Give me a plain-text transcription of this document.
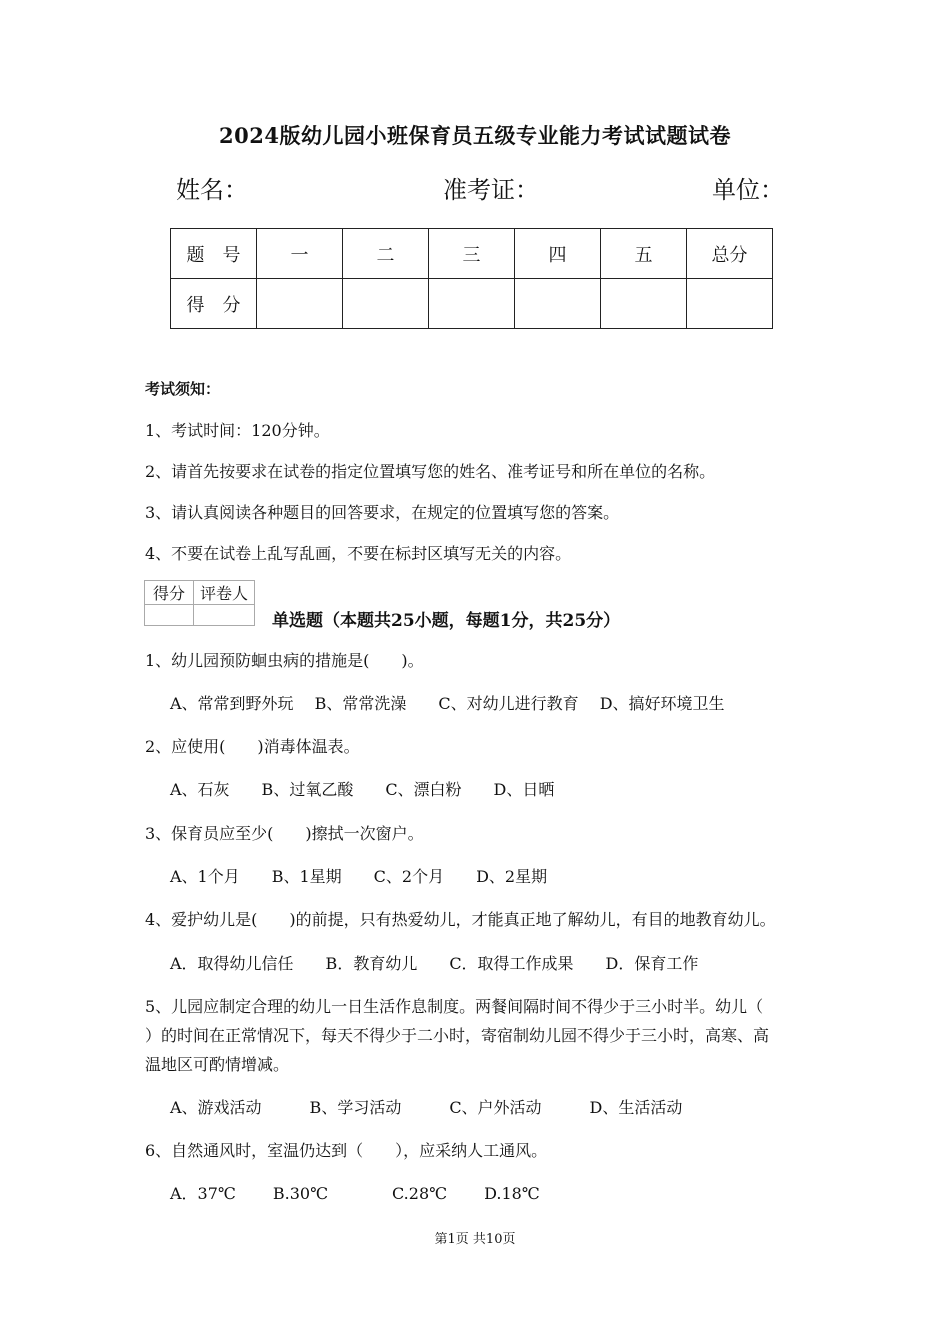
2024版幼儿园小班保育员五级专业能力考试试题试卷
姓名：	准考证：	单位：
题　号	一	二	三	四	五	总分
得　分						
考试须知：
1、考试时间：120分钟。
2、请首先按要求在试卷的指定位置填写您的姓名、准考证号和所在单位的名称。
3、请认真阅读各种题目的回答要求，在规定的位置填写您的答案。
4、不要在试卷上乱写乱画，不要在标封区填写无关的内容。
得分	评卷人

单选题（本题共25小题，每题1分，共25分）
1、幼儿园预防蛔虫病的措施是(　　)。
A、常常到野外玩　 B、常常洗澡　　C、对幼儿进行教育　 D、搞好环境卫生
2、应使用(　　)消毒体温表。
A、石灰　　B、过氧乙酸　　C、漂白粉　　D、日晒
3、保育员应至少(　　)擦拭一次窗户。
A、1个月　　B、1星期　　C、2个月　　D、2星期
4、爱护幼儿是(　　)的前提，只有热爱幼儿，才能真正地了解幼儿，有目的地教育幼儿。
A．取得幼儿信任　　B．教育幼儿　　C．取得工作成果　　D．保育工作
5、儿园应制定合理的幼儿一日生活作息制度。两餐间隔时间不得少于三小时半。幼儿（
）的时间在正常情况下，每天不得少于二小时，寄宿制幼儿园不得少于三小时，高寒、高
温地区可酌情增减。
A、游戏活动　　　B、学习活动　　　C、户外活动　　　D、生活活动
6、自然通风时，室温仍达到（　　），应采纳人工通风。
A．37℃　　 B.30℃　　　　C.28℃　　 D.18℃
第1页 共10页
